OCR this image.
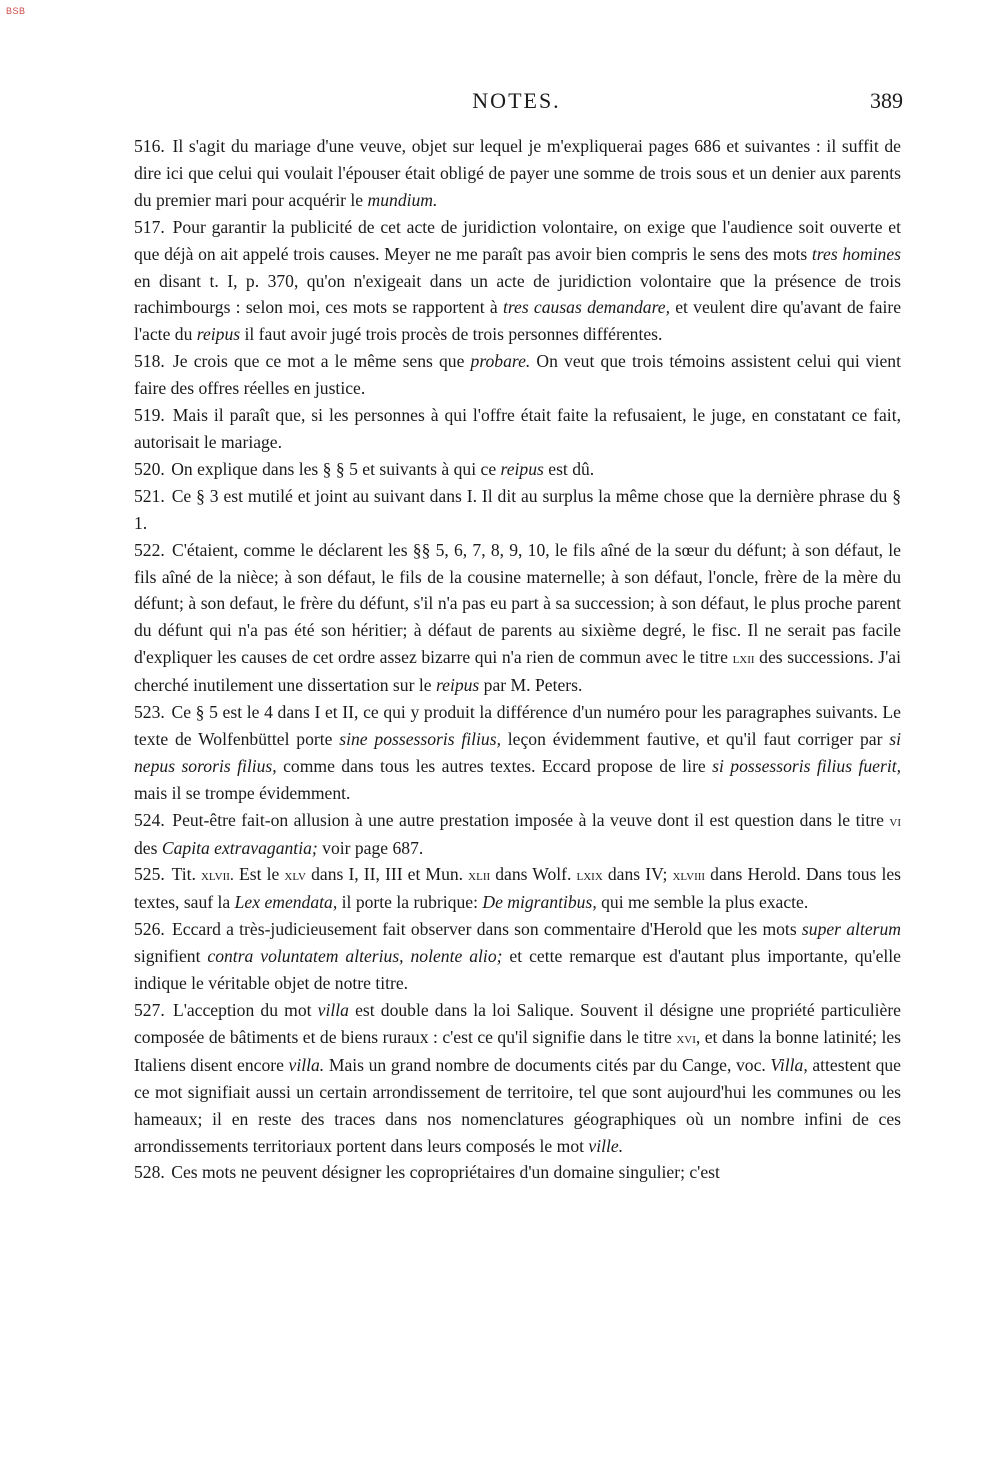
BSB
NOTES.	389

516. Il s'agit du mariage d'une veuve, objet sur lequel je m'expliquerai pages 686 et suivantes : il suffit de dire ici que celui qui voulait l'épouser était obligé de payer une somme de trois sous et un denier aux parents du premier mari pour acquérir le mundium.

517. Pour garantir la publicité de cet acte de juridiction volontaire, on exige que l'audience soit ouverte et que déjà on ait appelé trois causes. Meyer ne me paraît pas avoir bien compris le sens des mots tres homines en disant t. I, p. 370, qu'on n'exigeait dans un acte de juridiction volontaire que la présence de trois rachimbourgs : selon moi, ces mots se rapportent à tres causas demandare, et veulent dire qu'avant de faire l'acte du reipus il faut avoir jugé trois procès de trois personnes différentes.

518. Je crois que ce mot a le même sens que probare. On veut que trois témoins assistent celui qui vient faire des offres réelles en justice.

519. Mais il paraît que, si les personnes à qui l'offre était faite la refusaient, le juge, en constatant ce fait, autorisait le mariage.

520. On explique dans les § § 5 et suivants à qui ce reipus est dû.

521. Ce § 3 est mutilé et joint au suivant dans I. Il dit au surplus la même chose que la dernière phrase du § 1.

522. C'étaient, comme le déclarent les §§ 5, 6, 7, 8, 9, 10, le fils aîné de la sœur du défunt; à son défaut, le fils aîné de la nièce; à son défaut, le fils de la cousine maternelle; à son défaut, l'oncle, frère de la mère du défunt; à son defaut, le frère du défunt, s'il n'a pas eu part à sa succession; à son défaut, le plus proche parent du défunt qui n'a pas été son héritier; à défaut de parents au sixième degré, le fisc. Il ne serait pas facile d'expliquer les causes de cet ordre assez bizarre qui n'a rien de commun avec le titre lxii des successions. J'ai cherché inutilement une dissertation sur le reipus par M. Peters.

523. Ce § 5 est le 4 dans I et II, ce qui y produit la différence d'un numéro pour les paragraphes suivants. Le texte de Wolfenbüttel porte sine possessoris filius, leçon évidemment fautive, et qu'il faut corriger par si nepus sororis filius, comme dans tous les autres textes. Eccard propose de lire si possessoris filius fuerit, mais il se trompe évidemment.

524. Peut-être fait-on allusion à une autre prestation imposée à la veuve dont il est question dans le titre vi des Capita extravagantia; voir page 687.

525. Tit. xlvii. Est le xlv dans I, II, III et Mun. xlii dans Wolf. lxix dans IV; xlviii dans Herold. Dans tous les textes, sauf la Lex emendata, il porte la rubrique: De migrantibus, qui me semble la plus exacte.

526. Eccard a très-judicieusement fait observer dans son commentaire d'Herold que les mots super alterum signifient contra voluntatem alterius, nolente alio; et cette remarque est d'autant plus importante, qu'elle indique le véritable objet de notre titre.

527. L'acception du mot villa est double dans la loi Salique. Souvent il désigne une propriété particulière composée de bâtiments et de biens ruraux : c'est ce qu'il signifie dans le titre xvi, et dans la bonne latinité; les Italiens disent encore villa. Mais un grand nombre de documents cités par du Cange, voc. Villa, attestent que ce mot signifiait aussi un certain arrondissement de territoire, tel que sont aujourd'hui les communes ou les hameaux; il en reste des traces dans nos nomenclatures géographiques où un nombre infini de ces arrondissements territoriaux portent dans leurs composés le mot ville.

528. Ces mots ne peuvent désigner les copropriétaires d'un domaine singulier; c'est
